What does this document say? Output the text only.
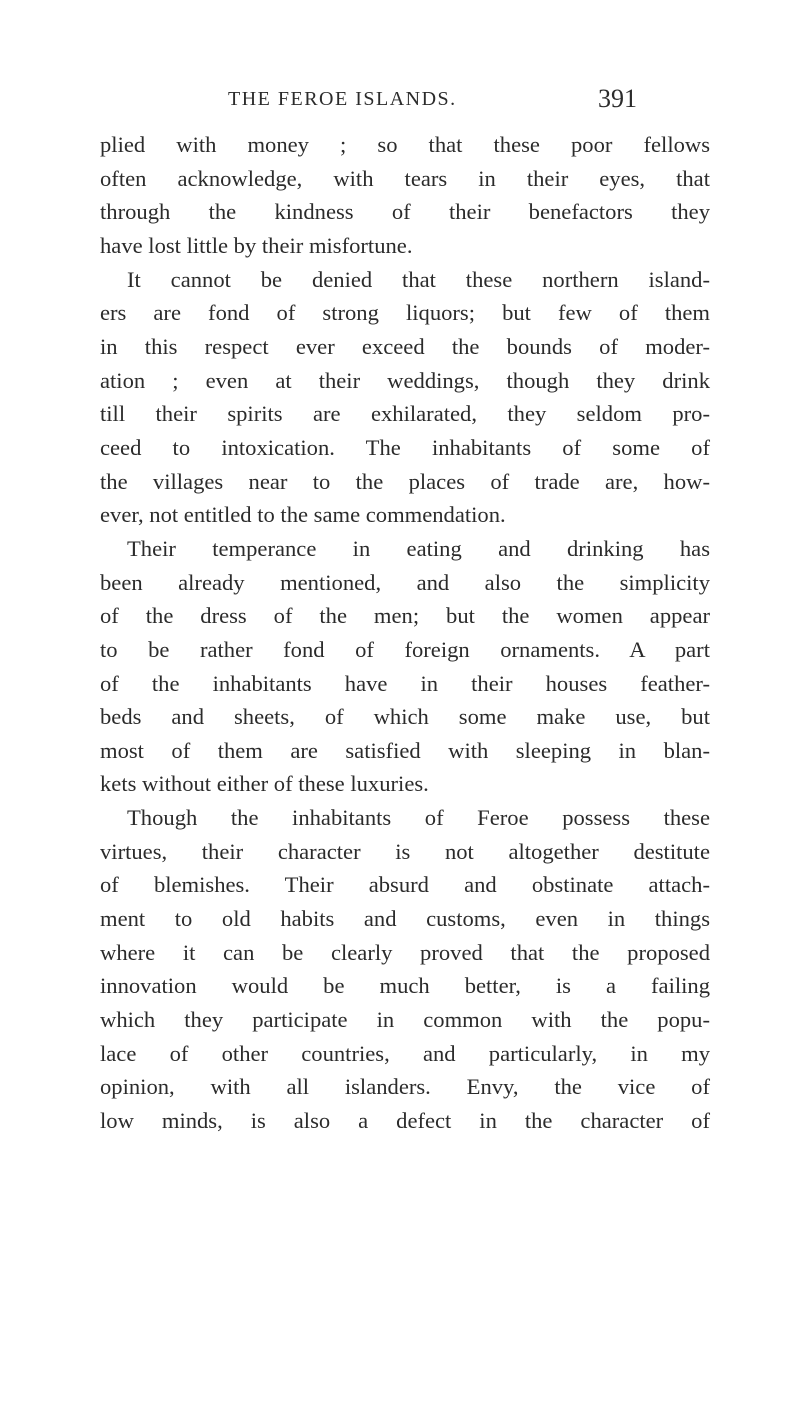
THE FEROE ISLANDS.	391
plied with money ; so that these poor fellows
often acknowledge, with tears in their eyes, that
through the kindness of their benefactors they
have lost little by their misfortune.
It cannot be denied that these northern island-
ers are fond of strong liquors; but few of them
in this respect ever exceed the bounds of moder-
ation ; even at their weddings, though they drink
till their spirits are exhilarated, they seldom pro-
ceed to intoxication. The inhabitants of some of
the villages near to the places of trade are, how-
ever, not entitled to the same commendation.
Their temperance in eating and drinking has
been already mentioned, and also the simplicity
of the dress of the men; but the women appear
to be rather fond of foreign ornaments. A part
of the inhabitants have in their houses feather-
beds and sheets, of which some make use, but
most of them are satisfied with sleeping in blan-
kets without either of these luxuries.
Though the inhabitants of Feroe possess these
virtues, their character is not altogether destitute
of blemishes. Their absurd and obstinate attach-
ment to old habits and customs, even in things
where it can be clearly proved that the proposed
innovation would be much better, is a failing
which they participate in common with the popu-
lace of other countries, and particularly, in my
opinion, with all islanders. Envy, the vice of
low minds, is also a defect in the character of
